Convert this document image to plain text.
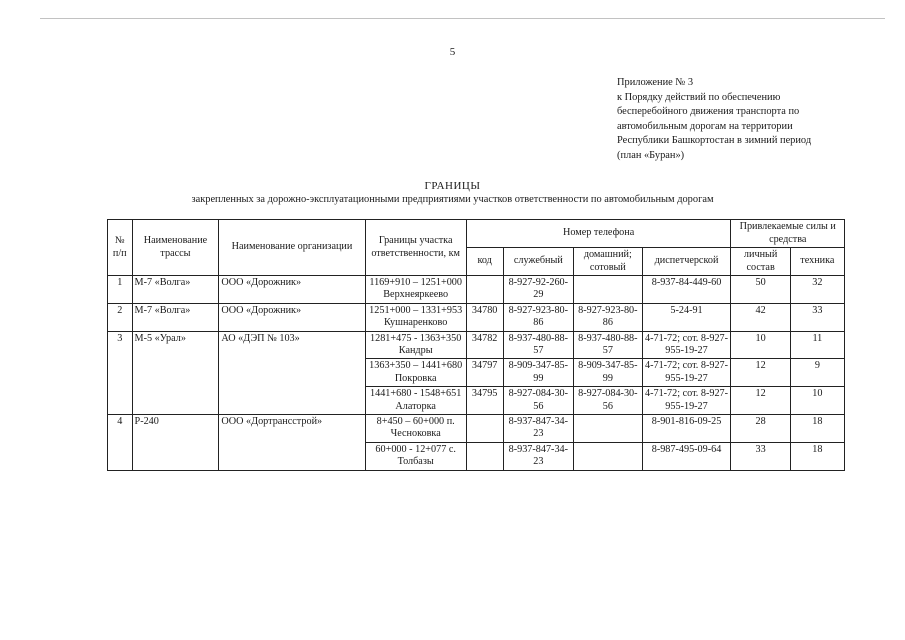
5
Приложение № 3
к Порядку действий по обеспечению
бесперебойного движения транспорта по
автомобильным дорогам на территории
Республики Башкортостан в зимний период
(план «Буран»)
ГРАНИЦЫ
закрепленных за дорожно-эксплуатационными предприятиями участков ответственности по автомобильным дорогам
№ п/п	Наименование трассы	Наименование организации	Границы участка ответственности, км	Номер телефона				Привлекаемые силы и средства	
				код	служебный	домашний; сотовый	диспетчерской	личный состав	техника
1	М-7 «Волга»	ООО «Дорожник»	1169+910 – 1251+000 Верхнеяркеево		8-927-92-260-29		8-937-84-449-60	50	32
2	М-7 «Волга»	ООО «Дорожник»	1251+000 – 1331+953 Кушнаренково	34780	8-927-923-80-86	8-927-923-80-86	5-24-91	42	33
3	М-5 «Урал»	АО «ДЭП № 103»	1281+475 - 1363+350 Кандры	34782	8-937-480-88-57	8-937-480-88-57	4-71-72; сот. 8-927-955-19-27	10	11
			1363+350 – 1441+680 Покровка	34797	8-909-347-85-99	8-909-347-85-99	4-71-72; сот. 8-927-955-19-27	12	9
			1441+680 - 1548+651 Алаторка	34795	8-927-084-30-56	8-927-084-30-56	4-71-72; сот. 8-927-955-19-27	12	10
4	Р-240	ООО «Дортрансстрой»	8+450 – 60+000 п. Чесноковка		8-937-847-34-23		8-901-816-09-25	28	18
			60+000 - 12+077 с. Толбазы		8-937-847-34-23		8-987-495-09-64	33	18
